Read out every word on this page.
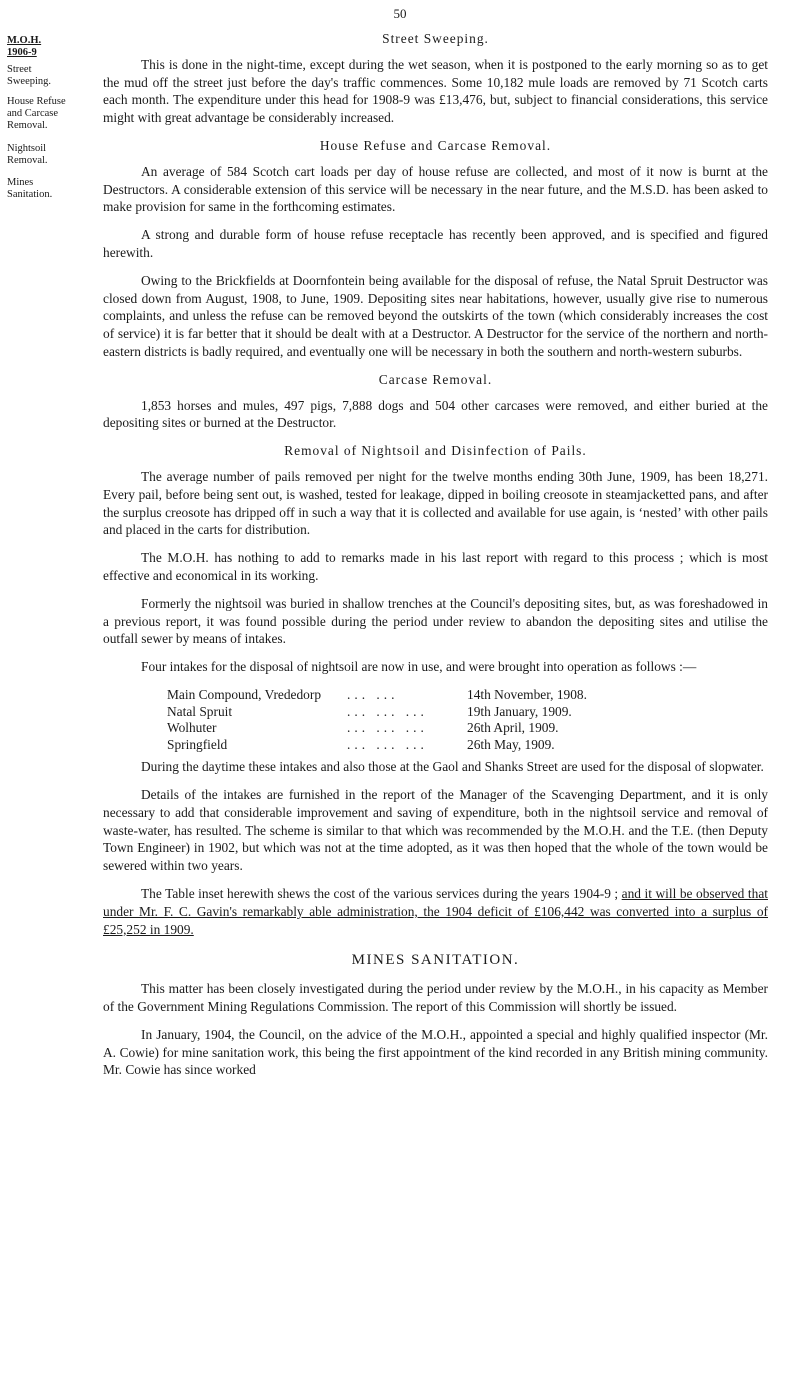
50
M.O.H. 1906-9
Street Sweeping.
House Refuse and Carcase Removal.
Nightsoil Removal.
Mines Sanitation.
Street Sweeping.

This is done in the night-time, except during the wet season, when it is postponed to the early morning so as to get the mud off the street just before the day's traffic commences. Some 10,182 mule loads are removed by 71 Scotch carts each month. The expenditure under this head for 1908-9 was £13,476, but, subject to financial considerations, this service might with great advantage be considerably increased.

House Refuse and Carcase Removal.

An average of 584 Scotch cart loads per day of house refuse are collected, and most of it now is burnt at the Destructors. A considerable extension of this service will be necessary in the near future, and the M.S.D. has been asked to make provision for same in the forthcoming estimates.

A strong and durable form of house refuse receptacle has recently been approved, and is specified and figured herewith.

Owing to the Brickfields at Doornfontein being available for the disposal of refuse, the Natal Spruit Destructor was closed down from August, 1908, to June, 1909. Depositing sites near habitations, however, usually give rise to numerous complaints, and unless the refuse can be removed beyond the outskirts of the town (which considerably increases the cost of service) it is far better that it should be dealt with at a Destructor. A Destructor for the service of the northern and north-eastern districts is badly required, and eventually one will be necessary in both the southern and north-western suburbs.

Carcase Removal.

1,853 horses and mules, 497 pigs, 7,888 dogs and 504 other carcases were removed, and either buried at the depositing sites or burned at the Destructor.

Removal of Nightsoil and Disinfection of Pails.

The average number of pails removed per night for the twelve months ending 30th June, 1909, has been 18,271. Every pail, before being sent out, is washed, tested for leakage, dipped in boiling creosote in steamjacketted pans, and after the surplus creosote has dripped off in such a way that it is collected and available for use again, is ‘nested’ with other pails and placed in the carts for distribution.

The M.O.H. has nothing to add to remarks made in his last report with regard to this process ; which is most effective and economical in its working.

Formerly the nightsoil was buried in shallow trenches at the Council's depositing sites, but, as was foreshadowed in a previous report, it was found possible during the period under review to abandon the depositing sites and utilise the outfall sewer by means of intakes.

Four intakes for the disposal of nightsoil are now in use, and were brought into operation as follows :—

Main Compound, Vrededorp	... ...	14th November, 1908.
Natal Spruit	... ... ...	19th January, 1909.
Wolhuter	... ... ...	26th April, 1909.
Springfield	... ... ...	26th May, 1909.

During the daytime these intakes and also those at the Gaol and Shanks Street are used for the disposal of slopwater.

Details of the intakes are furnished in the report of the Manager of the Scavenging Department, and it is only necessary to add that considerable improvement and saving of expenditure, both in the nightsoil service and removal of waste-water, has resulted. The scheme is similar to that which was recommended by the M.O.H. and the T.E. (then Deputy Town Engineer) in 1902, but which was not at the time adopted, as it was then hoped that the whole of the town would be sewered within two years.

The Table inset herewith shews the cost of the various services during the years 1904-9 ; and it will be observed that under Mr. F. C. Gavin's remarkably able administration, the 1904 deficit of £106,442 was converted into a surplus of £25,252 in 1909.

MINES SANITATION.

This matter has been closely investigated during the period under review by the M.O.H., in his capacity as Member of the Government Mining Regulations Commission. The report of this Commission will shortly be issued.

In January, 1904, the Council, on the advice of the M.O.H., appointed a special and highly qualified inspector (Mr. A. Cowie) for mine sanitation work, this being the first appointment of the kind recorded in any British mining community. Mr. Cowie has since worked
